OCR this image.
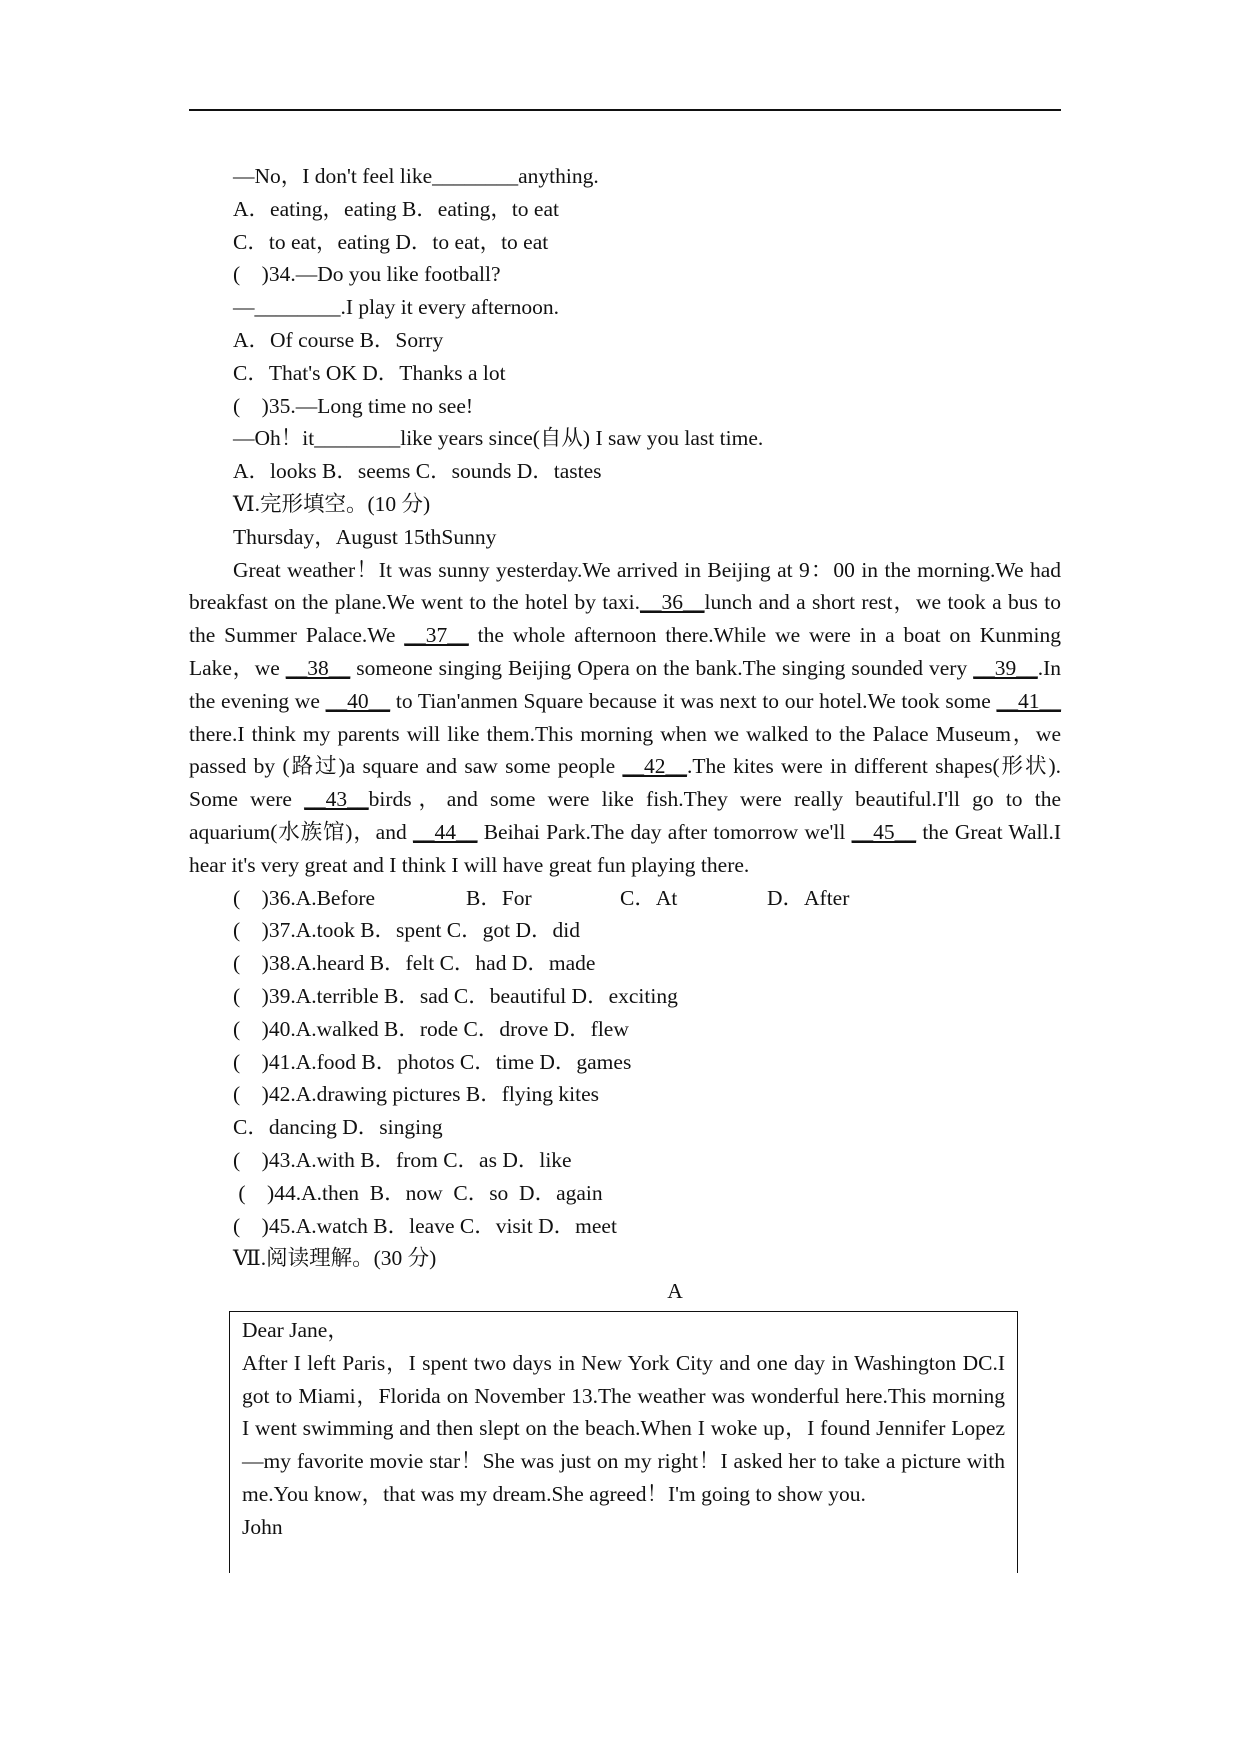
—No，I don't feel like________anything.
A．eating，eating B．eating，to eat
C．to eat，eating D．to eat，to eat
(　)34.—Do you like football?
—________.I play it every afternoon.
A．Of course B．Sorry
C．That's OK D．Thanks a lot
(　)35.—Long time no see!
—Oh！it________like years since(自从) I saw you last time.
A．looks B．seems C．sounds D．tastes
Ⅵ.完形填空。(10 分)
Thursday，August 15thSunny

Great weather！It was sunny yesterday.We arrived in Beijing at 9：00 in the morning.We had breakfast on the plane.We went to the hotel by taxi.__36__lunch and a short rest，we took a bus to the Summer Palace.We __37__ the whole afternoon there.While we were in a boat on Kunming Lake，we __38__ someone singing Beijing Opera on the bank.The singing sounded very __39__.In the evening we __40__ to Tian'anmen Square because it was next to our hotel.We took some __41__ there.I think my parents will like them.This morning when we walked to the Palace Museum，we passed by (路过)a square and saw some people __42__.The kites were in different shapes(形状). Some were __43__birds，and some were like fish.They were really beautiful.I'll go to the aquarium(水族馆)，and __44__ Beihai Park.The day after tomorrow we'll __45__ the Great Wall.I hear it's very great and I think I will have great fun playing there.

(　)36.A.Before	B．For	C．At	D．After
(　)37.A.took B．spent C．got D．did
(　)38.A.heard B．felt C．had D．made
(　)39.A.terrible B．sad C．beautiful D．exciting
(　)40.A.walked B．rode C．drove D．flew
(　)41.A.food B．photos C．time D．games
(　)42.A.drawing pictures B．flying kites
C．dancing D．singing
(　)43.A.with B．from C．as D．like
(　)44.A.then  B．now  C．so  D．again
(　)45.A.watch B．leave C．visit D．meet
Ⅶ.阅读理解。(30 分)
A

Dear Jane，

After I left Paris，I spent two days in New York City and one day in Washington DC.I got to Miami，Florida on November 13.The weather was wonderful here.This morning I went swimming and then slept on the beach.When I woke up，I found Jennifer Lopez—my favorite movie star！She was just on my right！I asked her to take a picture with me.You know，that was my dream.She agreed！I'm going to show you.

John
